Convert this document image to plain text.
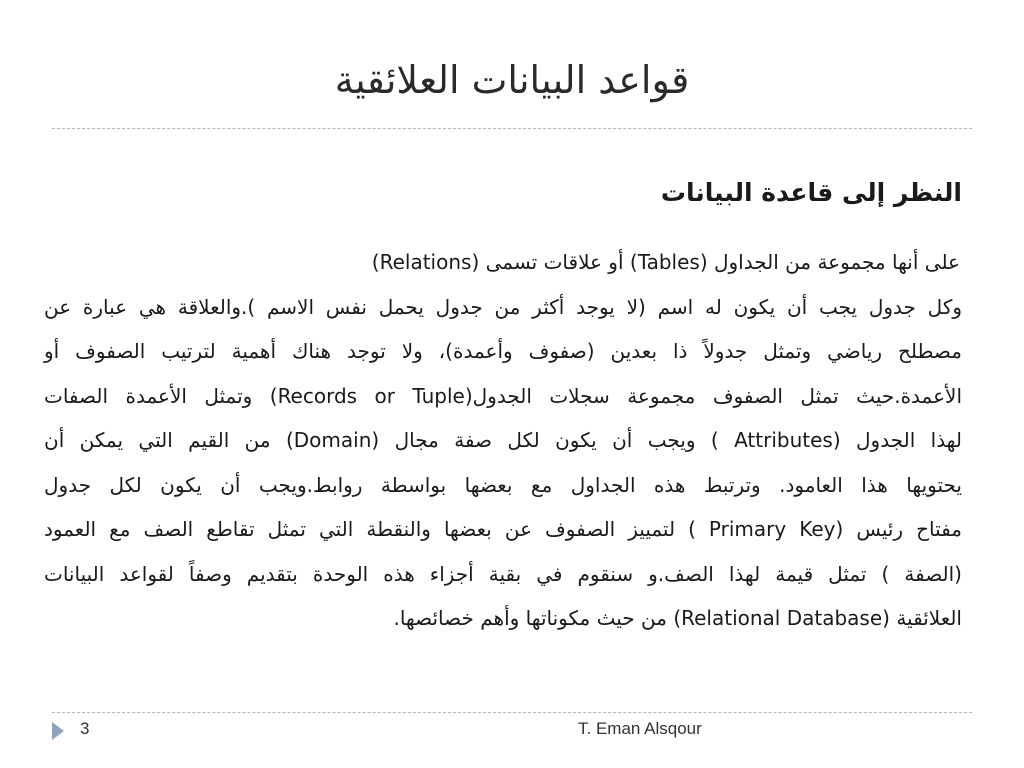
قواعد البيانات العلائقية
النظر إلى قاعدة البيانات
على أنها مجموعة من الجداول (Tables) أو علاقات تسمى (Relations)
وكل جدول يجب أن يكون له اسم (لا يوجد أكثر من جدول يحمل نفس الاسم ).والعلاقة هي عبارة عن
مصطلح رياضي وتمثل جدولاً ذا بعدين (صفوف وأعمدة)، ولا توجد هناك أهمية لترتيب الصفوف أو
الأعمدة.حيث تمثل الصفوف مجموعة سجلات الجدول(Records or Tuple) وتمثل الأعمدة الصفات
لهذا الجدول (Attributes ) ويجب أن يكون لكل صفة مجال (Domain) من القيم التي يمكن أن
يحتويها هذا العامود. وترتبط هذه الجداول مع بعضها بواسطة روابط.ويجب أن يكون لكل جدول
مفتاح رئيس (Primary Key ) لتمييز الصفوف عن بعضها والنقطة التي تمثل تقاطع الصف مع العمود
(الصفة ) تمثل قيمة لهذا الصف.و سنقوم في بقية أجزاء هذه الوحدة بتقديم وصفاً لقواعد البيانات
العلائقية (Relational Database) من حيث مكوناتها وأهم خصائصها.
3	T. Eman Alsqour
